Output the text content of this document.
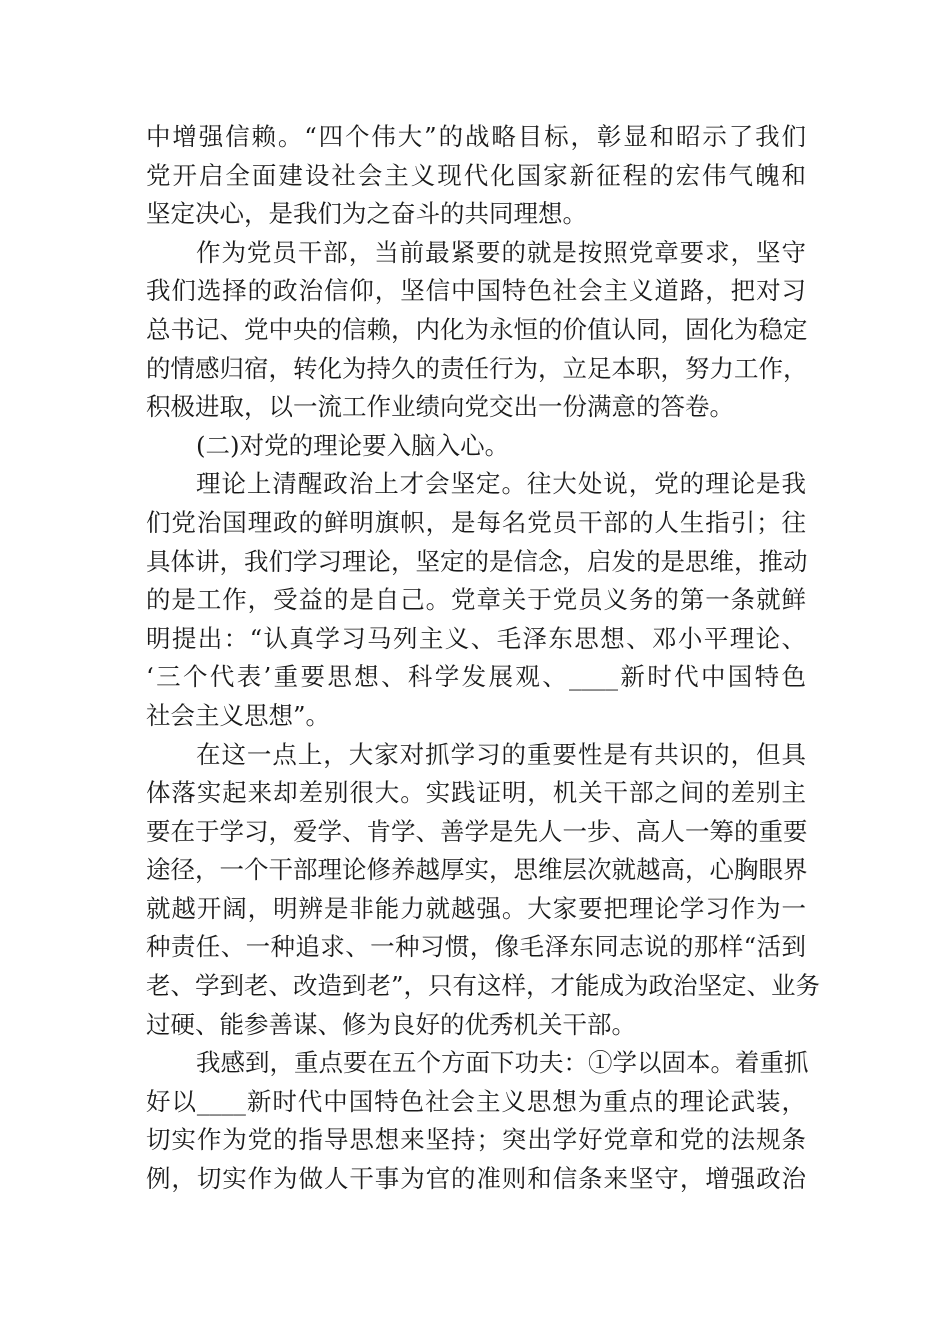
中增强信赖。“四个伟大”的战略目标，彰显和昭示了我们
党开启全面建设社会主义现代化国家新征程的宏伟气魄和
坚定决心，是我们为之奋斗的共同理想。
作为党员干部，当前最紧要的就是按照党章要求，坚守
我们选择的政治信仰，坚信中国特色社会主义道路，把对习
总书记、党中央的信赖，内化为永恒的价值认同，固化为稳定
的情感归宿，转化为持久的责任行为，立足本职，努力工作，
积极进取，以一流工作业绩向党交出一份满意的答卷。
(二)对党的理论要入脑入心。
理论上清醒政治上才会坚定。往大处说，党的理论是我
们党治国理政的鲜明旗帜，是每名党员干部的人生指引；往
具体讲，我们学习理论，坚定的是信念，启发的是思维，推动
的是工作，受益的是自己。党章关于党员义务的第一条就鲜
明提出：“认真学习马列主义、毛泽东思想、邓小平理论、
‘三个代表’重要思想、科学发展观、____新时代中国特色
社会主义思想”。
在这一点上，大家对抓学习的重要性是有共识的，但具
体落实起来却差别很大。实践证明，机关干部之间的差别主
要在于学习，爱学、肯学、善学是先人一步、高人一筹的重要
途径，一个干部理论修养越厚实，思维层次就越高，心胸眼界
就越开阔，明辨是非能力就越强。大家要把理论学习作为一
种责任、一种追求、一种习惯，像毛泽东同志说的那样“活到
老、学到老、改造到老”，只有这样，才能成为政治坚定、业务
过硬、能参善谋、修为良好的优秀机关干部。
我感到，重点要在五个方面下功夫：①学以固本。着重抓
好以____新时代中国特色社会主义思想为重点的理论武装，
切实作为党的指导思想来坚持；突出学好党章和党的法规条
例，切实作为做人干事为官的准则和信条来坚守，增强政治
